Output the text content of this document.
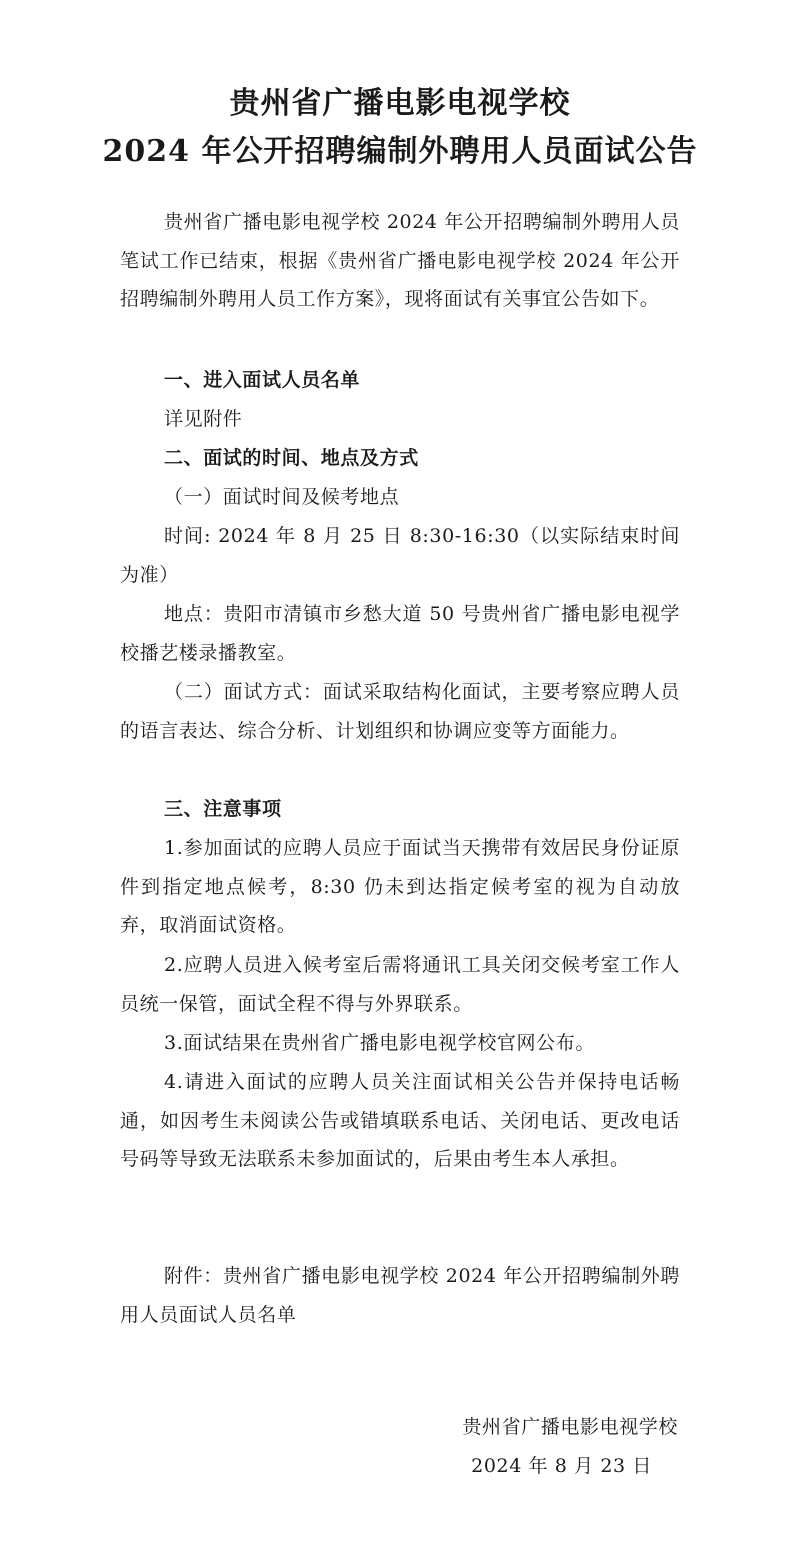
贵州省广播电影电视学校
2024 年公开招聘编制外聘用人员面试公告

贵州省广播电影电视学校 2024 年公开招聘编制外聘用人员笔试工作已结束，根据《贵州省广播电影电视学校 2024 年公开招聘编制外聘用人员工作方案》，现将面试有关事宜公告如下。

一、进入面试人员名单

详见附件

二、面试的时间、地点及方式

（一）面试时间及候考地点

时间: 2024 年 8 月 25 日 8:30-16:30（以实际结束时间为准）

地点：贵阳市清镇市乡愁大道 50 号贵州省广播电影电视学校播艺楼录播教室。

（二）面试方式：面试采取结构化面试，主要考察应聘人员的语言表达、综合分析、计划组织和协调应变等方面能力。

三、注意事项

1.参加面试的应聘人员应于面试当天携带有效居民身份证原件到指定地点候考，8:30 仍未到达指定候考室的视为自动放弃，取消面试资格。

2.应聘人员进入候考室后需将通讯工具关闭交候考室工作人员统一保管，面试全程不得与外界联系。

3.面试结果在贵州省广播电影电视学校官网公布。

4.请进入面试的应聘人员关注面试相关公告并保持电话畅通，如因考生未阅读公告或错填联系电话、关闭电话、更改电话号码等导致无法联系未参加面试的，后果由考生本人承担。

附件：贵州省广播电影电视学校 2024 年公开招聘编制外聘用人员面试人员名单

贵州省广播电影电视学校

2024 年 8 月 23 日
